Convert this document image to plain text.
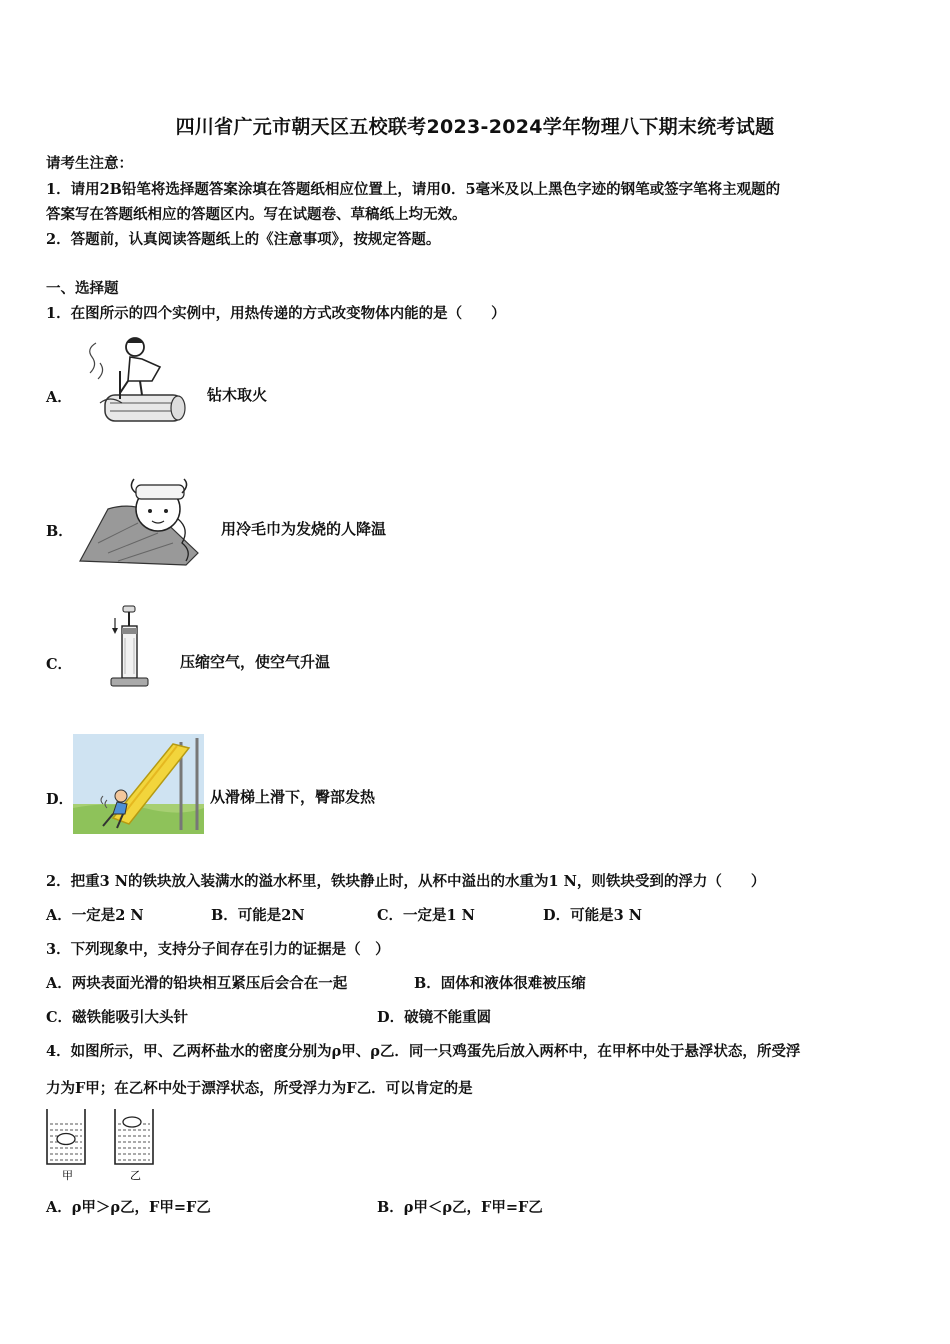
四川省广元市朝天区五校联考2023-2024学年物理八下期末统考试题
请考生注意：
1．请用2B铅笔将选择题答案涂填在答题纸相应位置上，请用0．5毫米及以上黑色字迹的钢笔或签字笔将主观题的
答案写在答题纸相应的答题区内。写在试题卷、草稿纸上均无效。
2．答题前，认真阅读答题纸上的《注意事项》，按规定答题。
一、选择题
1．在图所示的四个实例中，用热传递的方式改变物体内能的是（　　）
A．	钻木取火
B．	用冷毛巾为发烧的人降温
C．	压缩空气，使空气升温
D．	从滑梯上滑下，臀部发热
2．把重3 N的铁块放入装满水的溢水杯里，铁块静止时，从杯中溢出的水重为1 N，则铁块受到的浮力（　　）
A．一定是2 N	B．可能是2N	C．一定是1 N	D．可能是3 N
3．下列现象中，支持分子间存在引力的证据是（　）
A．两块表面光滑的铅块相互紧压后会合在一起	B．固体和液体很难被压缩
C．磁铁能吸引大头针	D．破镜不能重圆
4．如图所示，甲、乙两杯盐水的密度分别为ρ甲、ρ乙．同一只鸡蛋先后放入两杯中，在甲杯中处于悬浮状态，所受浮
力为F甲；在乙杯中处于漂浮状态，所受浮力为F乙．可以肯定的是
甲	乙
A．ρ甲＞ρ乙，F甲=F乙	B．ρ甲＜ρ乙，F甲=F乙
